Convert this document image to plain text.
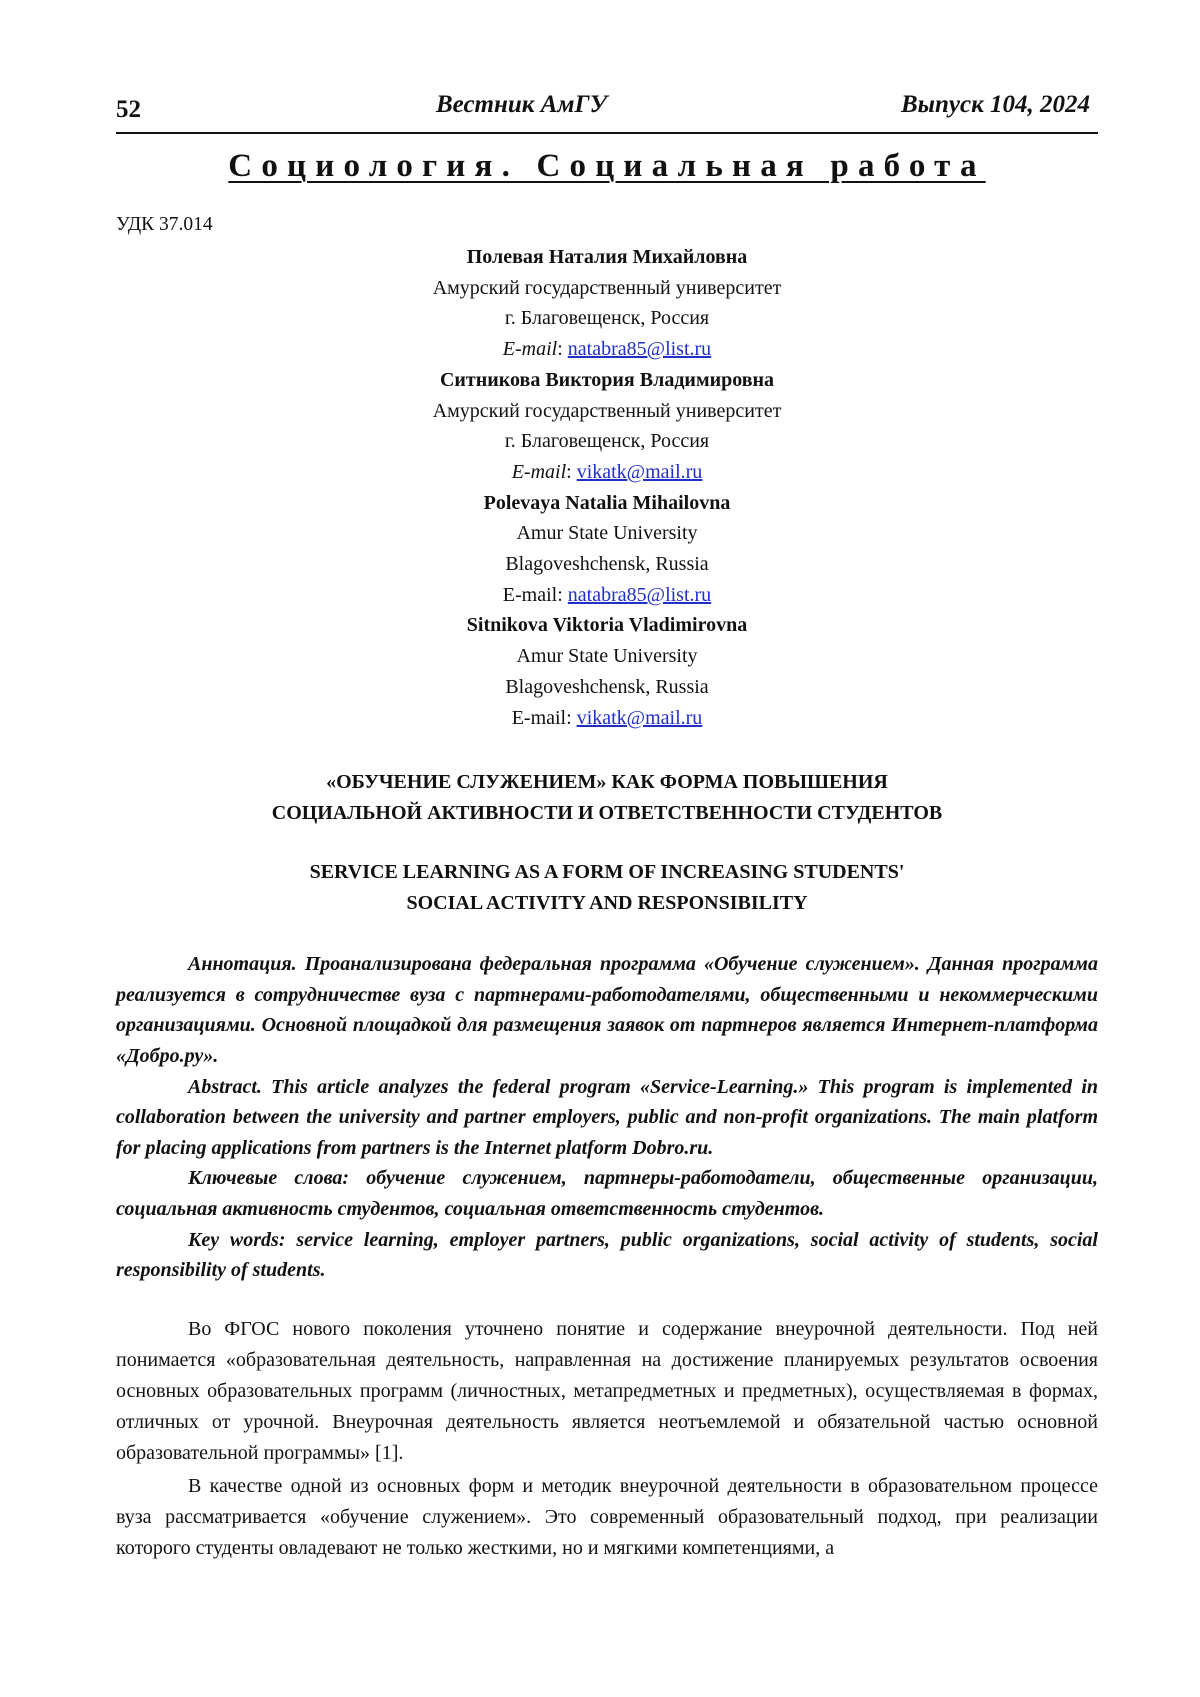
52	Вестник АмГУ	Выпуск 104, 2024
Социология. Социальная работа
УДК 37.014
Полевая Наталия Михайловна
Амурский государственный университет
г. Благовещенск, Россия
E-mail: natabra85@list.ru
Ситникова Виктория Владимировна
Амурский государственный университет
г. Благовещенск, Россия
E-mail: vikatk@mail.ru
Polevaya Natalia Mihailovna
Amur State University
Blagoveshchensk, Russia
E-mail: natabra85@list.ru
Sitnikova Viktoria Vladimirovna
Amur State University
Blagoveshchensk, Russia
E-mail: vikatk@mail.ru
«ОБУЧЕНИЕ СЛУЖЕНИЕМ» КАК ФОРМА ПОВЫШЕНИЯ
СОЦИАЛЬНОЙ АКТИВНОСТИ И ОТВЕТСТВЕННОСТИ СТУДЕНТОВ
SERVICE LEARNING AS A FORM OF INCREASING STUDENTS'
SOCIAL ACTIVITY AND RESPONSIBILITY

Аннотация. Проанализирована федеральная программа «Обучение служением». Данная программа реализуется в сотрудничестве вуза с партнерами-работодателями, общественными и некоммерческими организациями. Основной площадкой для размещения заявок от партнеров является Интернет-платформа «Добро.ру».

Abstract. This article analyzes the federal program «Service-Learning.» This program is implemented in collaboration between the university and partner employers, public and non-profit organizations. The main platform for placing applications from partners is the Internet platform Dobro.ru.

Ключевые слова: обучение служением, партнеры-работодатели, общественные организации, социальная активность студентов, социальная ответственность студентов.

Key words: service learning, employer partners, public organizations, social activity of students, social responsibility of students.

Во ФГОС нового поколения уточнено понятие и содержание внеурочной деятельности. Под ней понимается «образовательная деятельность, направленная на достижение планируемых результатов освоения основных образовательных программ (личностных, метапредметных и предметных), осуществляемая в формах, отличных от урочной. Внеурочная деятельность является неотъемлемой и обязательной частью основной образовательной программы» [1].

В качестве одной из основных форм и методик внеурочной деятельности в образовательном процессе вуза рассматривается «обучение служением». Это современный образовательный подход, при реализации которого студенты овладевают не только жесткими, но и мягкими компетенциями, а
